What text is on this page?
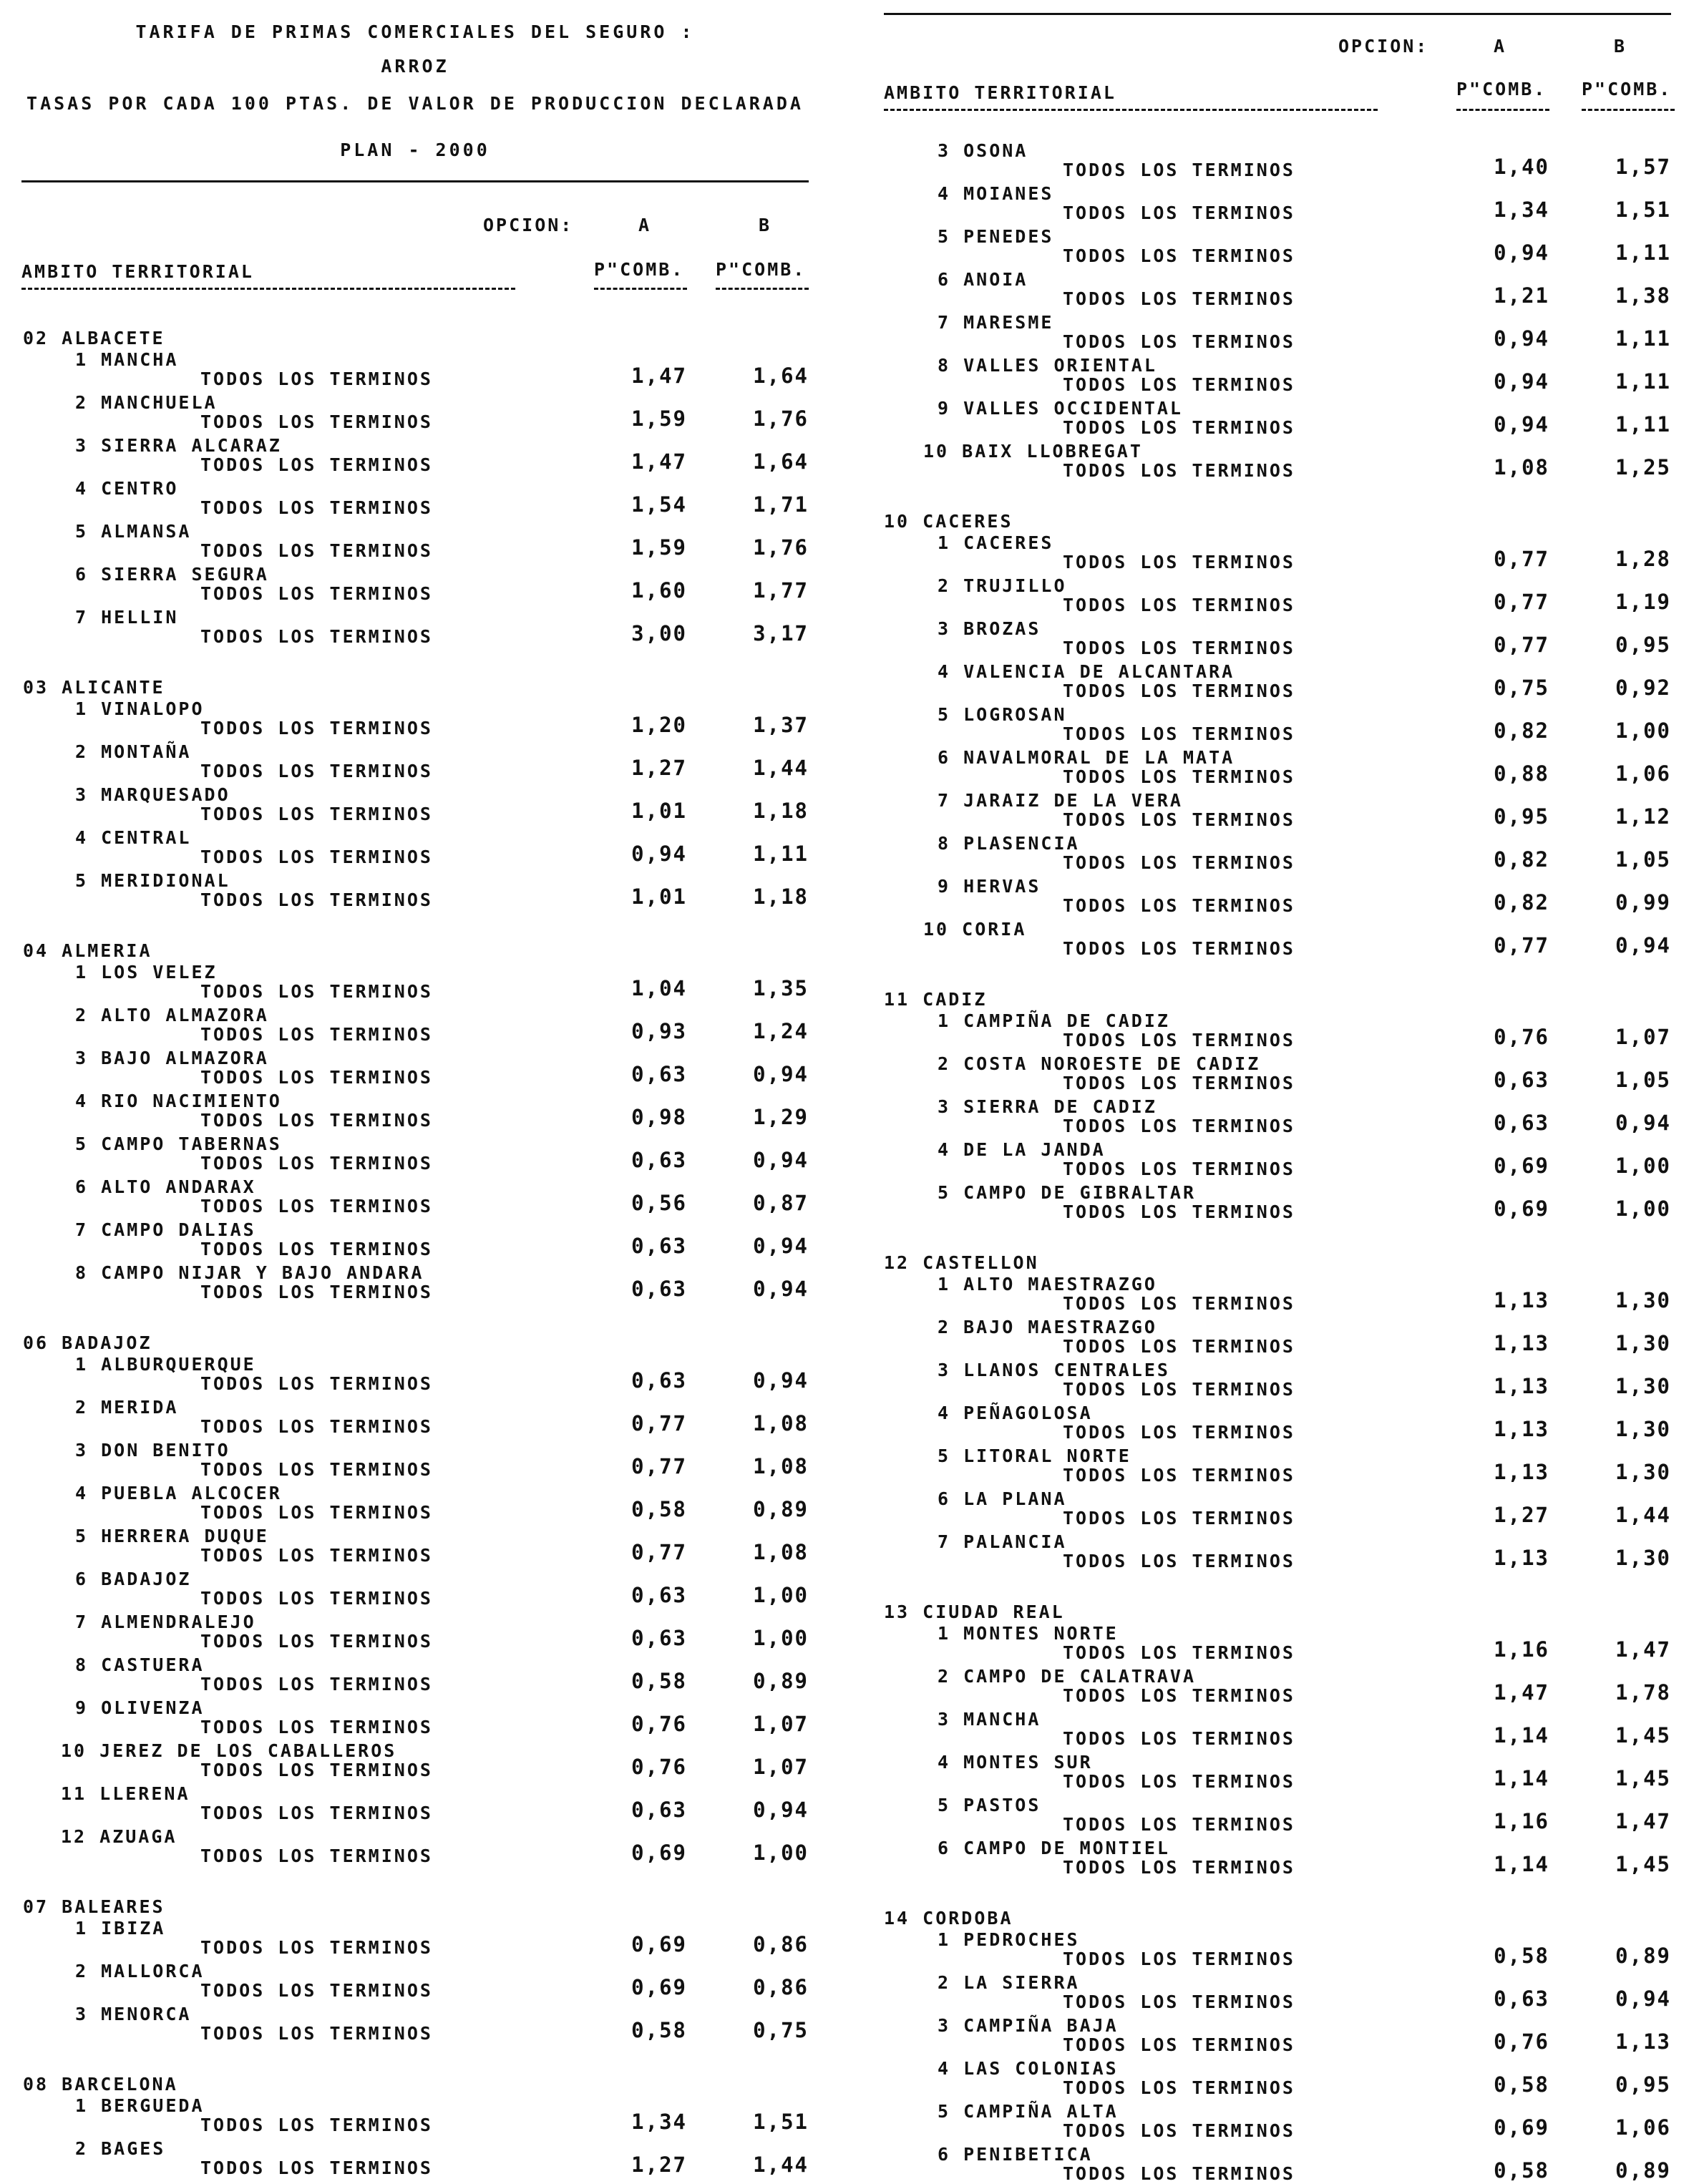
TARIFA DE PRIMAS COMERCIALES DEL SEGURO :
ARROZ
TASAS POR CADA 100 PTAS. DE VALOR DE PRODUCCION DECLARADA
PLAN - 2000
OPCION:	A	B
AMBITO TERRITORIAL	P"COMB. P"COMB.
02 ALBACETE
1 MANCHA
TODOS LOS TERMINOS	1,47	1,64
2 MANCHUELA
TODOS LOS TERMINOS	1,59	1,76
3 SIERRA ALCARAZ
TODOS LOS TERMINOS	1,47	1,64
4 CENTRO
TODOS LOS TERMINOS	1,54	1,71
5 ALMANSA
TODOS LOS TERMINOS	1,59	1,76
6 SIERRA SEGURA
TODOS LOS TERMINOS	1,60	1,77
7 HELLIN
TODOS LOS TERMINOS	3,00	3,17
03 ALICANTE
1 VINALOPO
TODOS LOS TERMINOS	1,20	1,37
2 MONTAÑA
TODOS LOS TERMINOS	1,27	1,44
3 MARQUESADO
TODOS LOS TERMINOS	1,01	1,18
4 CENTRAL
TODOS LOS TERMINOS	0,94	1,11
5 MERIDIONAL
TODOS LOS TERMINOS	1,01	1,18
04 ALMERIA
1 LOS VELEZ
TODOS LOS TERMINOS	1,04	1,35
2 ALTO ALMAZORA
TODOS LOS TERMINOS	0,93	1,24
3 BAJO ALMAZORA
TODOS LOS TERMINOS	0,63	0,94
4 RIO NACIMIENTO
TODOS LOS TERMINOS	0,98	1,29
5 CAMPO TABERNAS
TODOS LOS TERMINOS	0,63	0,94
6 ALTO ANDARAX
TODOS LOS TERMINOS	0,56	0,87
7 CAMPO DALIAS
TODOS LOS TERMINOS	0,63	0,94
8 CAMPO NIJAR Y BAJO ANDARA
TODOS LOS TERMINOS	0,63	0,94
06 BADAJOZ
1 ALBURQUERQUE
TODOS LOS TERMINOS	0,63	0,94
2 MERIDA
TODOS LOS TERMINOS	0,77	1,08
3 DON BENITO
TODOS LOS TERMINOS	0,77	1,08
4 PUEBLA ALCOCER
TODOS LOS TERMINOS	0,58	0,89
5 HERRERA DUQUE
TODOS LOS TERMINOS	0,77	1,08
6 BADAJOZ
TODOS LOS TERMINOS	0,63	1,00
7 ALMENDRALEJO
TODOS LOS TERMINOS	0,63	1,00
8 CASTUERA
TODOS LOS TERMINOS	0,58	0,89
9 OLIVENZA
TODOS LOS TERMINOS	0,76	1,07
10 JEREZ DE LOS CABALLEROS
TODOS LOS TERMINOS	0,76	1,07
11 LLERENA
TODOS LOS TERMINOS	0,63	0,94
12 AZUAGA
TODOS LOS TERMINOS	0,69	1,00
07 BALEARES
1 IBIZA
TODOS LOS TERMINOS	0,69	0,86
2 MALLORCA
TODOS LOS TERMINOS	0,69	0,86
3 MENORCA
TODOS LOS TERMINOS	0,58	0,75
08 BARCELONA
1 BERGUEDA
TODOS LOS TERMINOS	1,34	1,51
2 BAGES
TODOS LOS TERMINOS	1,27	1,44
OPCION:	A	B
AMBITO TERRITORIAL	P"COMB. P"COMB.
3 OSONA
TODOS LOS TERMINOS	1,40	1,57
4 MOIANES
TODOS LOS TERMINOS	1,34	1,51
5 PENEDES
TODOS LOS TERMINOS	0,94	1,11
6 ANOIA
TODOS LOS TERMINOS	1,21	1,38
7 MARESME
TODOS LOS TERMINOS	0,94	1,11
8 VALLES ORIENTAL
TODOS LOS TERMINOS	0,94	1,11
9 VALLES OCCIDENTAL
TODOS LOS TERMINOS	0,94	1,11
10 BAIX LLOBREGAT
TODOS LOS TERMINOS	1,08	1,25
10 CACERES
1 CACERES
TODOS LOS TERMINOS	0,77	1,28
2 TRUJILLO
TODOS LOS TERMINOS	0,77	1,19
3 BROZAS
TODOS LOS TERMINOS	0,77	0,95
4 VALENCIA DE ALCANTARA
TODOS LOS TERMINOS	0,75	0,92
5 LOGROSAN
TODOS LOS TERMINOS	0,82	1,00
6 NAVALMORAL DE LA MATA
TODOS LOS TERMINOS	0,88	1,06
7 JARAIZ DE LA VERA
TODOS LOS TERMINOS	0,95	1,12
8 PLASENCIA
TODOS LOS TERMINOS	0,82	1,05
9 HERVAS
TODOS LOS TERMINOS	0,82	0,99
10 CORIA
TODOS LOS TERMINOS	0,77	0,94
11 CADIZ
1 CAMPIÑA DE CADIZ
TODOS LOS TERMINOS	0,76	1,07
2 COSTA NOROESTE DE CADIZ
TODOS LOS TERMINOS	0,63	1,05
3 SIERRA DE CADIZ
TODOS LOS TERMINOS	0,63	0,94
4 DE LA JANDA
TODOS LOS TERMINOS	0,69	1,00
5 CAMPO DE GIBRALTAR
TODOS LOS TERMINOS	0,69	1,00
12 CASTELLON
1 ALTO MAESTRAZGO
TODOS LOS TERMINOS	1,13	1,30
2 BAJO MAESTRAZGO
TODOS LOS TERMINOS	1,13	1,30
3 LLANOS CENTRALES
TODOS LOS TERMINOS	1,13	1,30
4 PEÑAGOLOSA
TODOS LOS TERMINOS	1,13	1,30
5 LITORAL NORTE
TODOS LOS TERMINOS	1,13	1,30
6 LA PLANA
TODOS LOS TERMINOS	1,27	1,44
7 PALANCIA
TODOS LOS TERMINOS	1,13	1,30
13 CIUDAD REAL
1 MONTES NORTE
TODOS LOS TERMINOS	1,16	1,47
2 CAMPO DE CALATRAVA
TODOS LOS TERMINOS	1,47	1,78
3 MANCHA
TODOS LOS TERMINOS	1,14	1,45
4 MONTES SUR
TODOS LOS TERMINOS	1,14	1,45
5 PASTOS
TODOS LOS TERMINOS	1,16	1,47
6 CAMPO DE MONTIEL
TODOS LOS TERMINOS	1,14	1,45
14 CORDOBA
1 PEDROCHES
TODOS LOS TERMINOS	0,58	0,89
2 LA SIERRA
TODOS LOS TERMINOS	0,63	0,94
3 CAMPIÑA BAJA
TODOS LOS TERMINOS	0,76	1,13
4 LAS COLONIAS
TODOS LOS TERMINOS	0,58	0,95
5 CAMPIÑA ALTA
TODOS LOS TERMINOS	0,69	1,06
6 PENIBETICA
TODOS LOS TERMINOS	0,58	0,89
